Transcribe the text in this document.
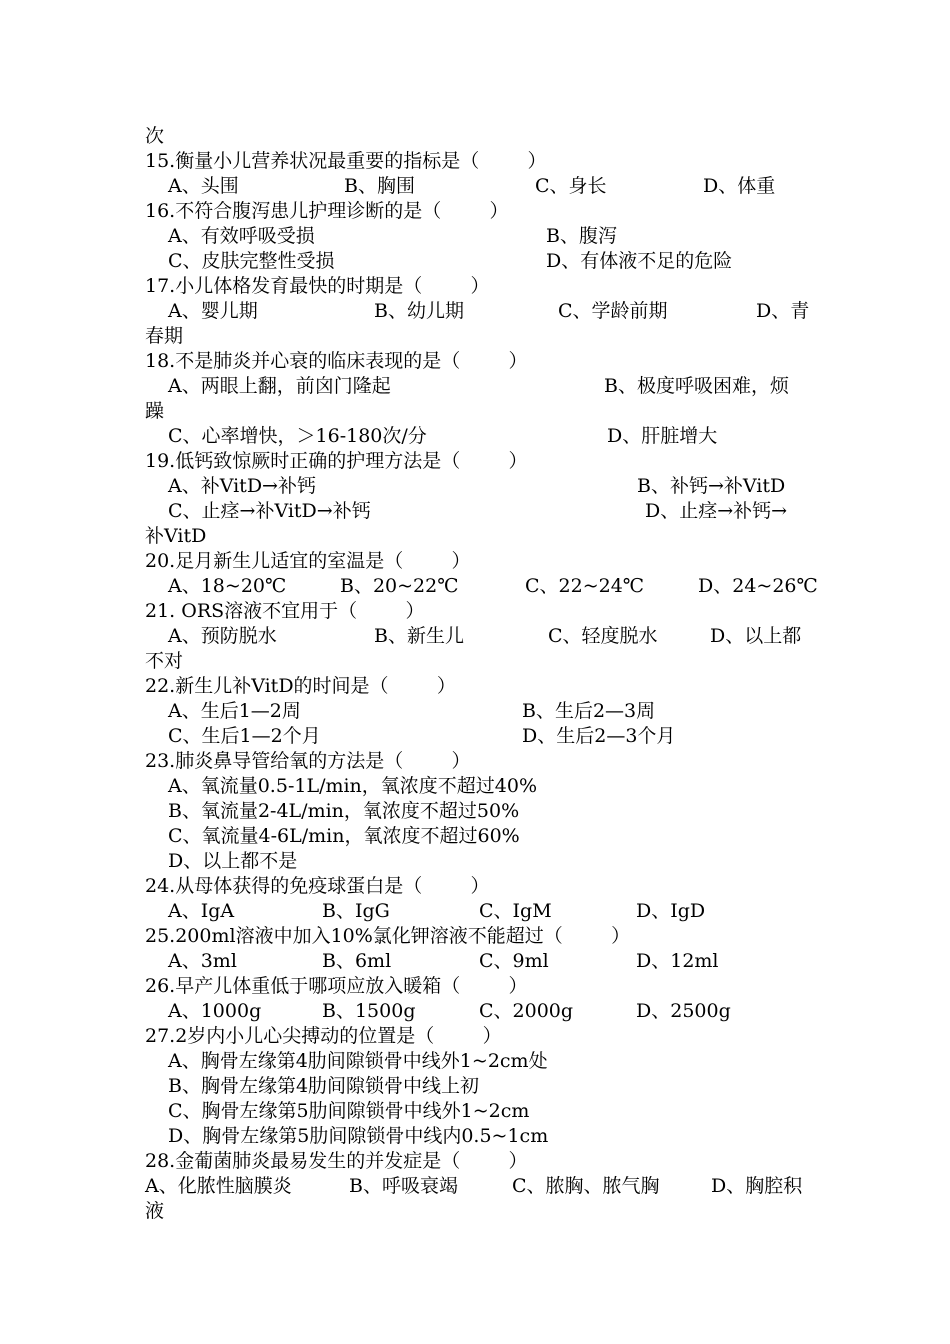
次
15.衡量小儿营养状况最重要的指标是（        ）

A、头围

	B、胸围

	C、身长

	D、体重

16.不符合腹泻患儿护理诊断的是（        ）

A、有效呼吸受损

	B、腹泻

C、皮肤完整性受损

	D、有体液不足的危险

17.小儿体格发育最快的时期是（        ）

A、婴儿期

	B、幼儿期

	C、学龄前期

	D、青

春期
18.不是肺炎并心衰的临床表现的是（        ）

A、两眼上翻，前囟门隆起

	B、极度呼吸困难，烦

躁

C、心率增快，＞16-180次/分

	D、肝脏增大

19.低钙致惊厥时正确的护理方法是（        ）

A、补VitD→补钙

	B、补钙→补VitD

C、止痉→补VitD→补钙

	D、止痉→补钙→

补VitD
20.足月新生儿适宜的室温是（        ）

A、18~20℃

	B、20~22℃

	C、22~24℃

	D、24~26℃

21. ORS溶液不宜用于（        ）

A、预防脱水

	B、新生儿

	C、轻度脱水

	D、以上都

不对
22.新生儿补VitD的时间是（        ）

A、生后1—2周

	B、生后2—3周

C、生后1—2个月

	D、生后2—3个月

23.肺炎鼻导管给氧的方法是（        ）
A、氧流量0.5-1L/min，氧浓度不超过40%
B、氧流量2-4L/min，氧浓度不超过50%
C、氧流量4-6L/min，氧浓度不超过60%
D、以上都不是
24.从母体获得的免疫球蛋白是（        ）

A、IgA

	B、IgG

	C、IgM

	D、IgD

25.200ml溶液中加入10%氯化钾溶液不能超过（        ）

A、3ml

	B、6ml

	C、9ml

	D、12ml

26.早产儿体重低于哪项应放入暖箱（        ）

A、1000g

	B、1500g

	C、2000g

	D、2500g

27.2岁内小儿心尖搏动的位置是（        ）
A、胸骨左缘第4肋间隙锁骨中线外1~2cm处
B、胸骨左缘第4肋间隙锁骨中线上初
C、胸骨左缘第5肋间隙锁骨中线外1~2cm
D、胸骨左缘第5肋间隙锁骨中线内0.5~1cm
28.金葡菌肺炎最易发生的并发症是（        ）

A、化脓性脑膜炎

	B、呼吸衰竭

	C、脓胸、脓气胸

	D、胸腔积

液
